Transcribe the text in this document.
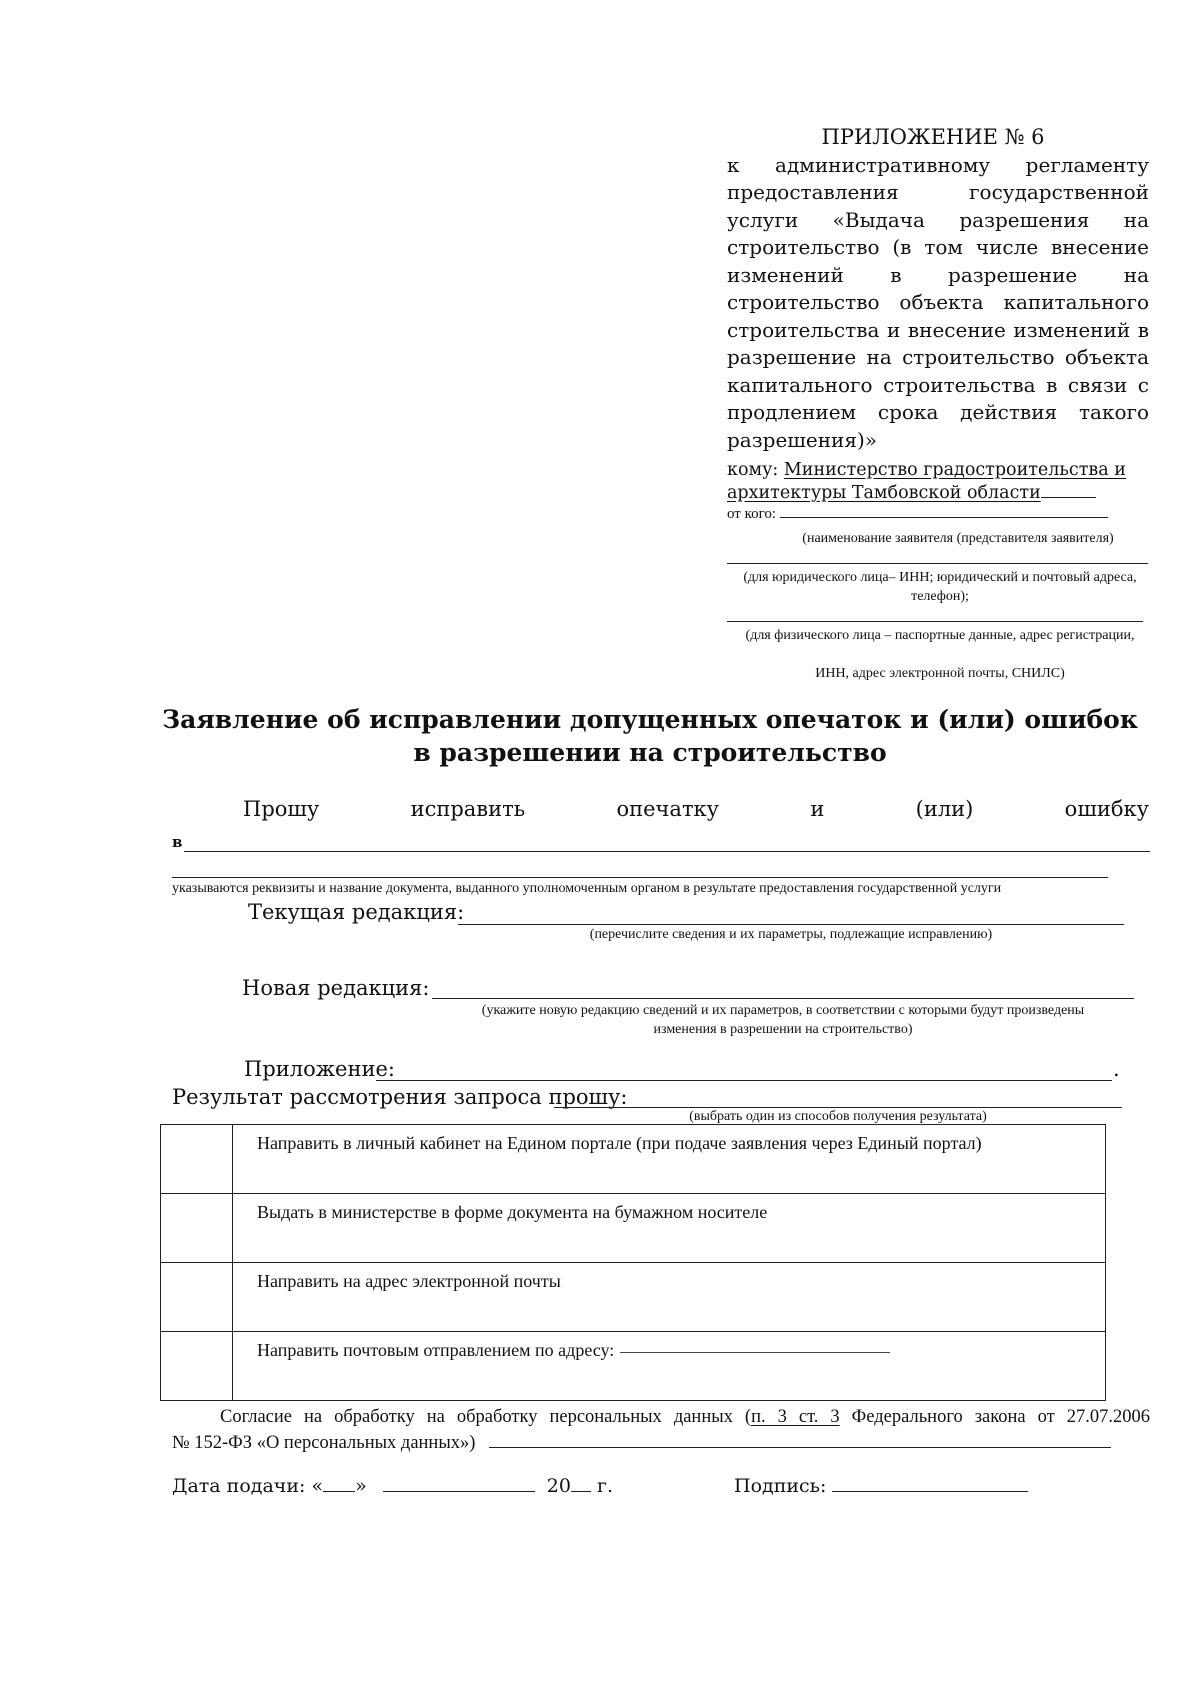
ПРИЛОЖЕНИЕ № 6
к административному регламенту предоставления государственной услуги «Выдача разрешения на строительство (в том числе внесение изменений в разрешение на строительство объекта капитального строительства и внесение изменений в разрешение на строительство объекта капитального строительства в связи с продлением срока действия такого разрешения)»
кому: Министерство градостроительства и
архитектуры Тамбовской области
от кого:
(наименование заявителя (представителя заявителя)
(для юридического лица– ИНН; юридический и почтовый адреса, телефон);
(для физического лица – паспортные данные, адрес регистрации,
ИНН, адрес электронной почты, СНИЛС)
Заявление об исправлении допущенных опечаток и (или) ошибок
в разрешении на строительство
Прошу	исправить	опечатку	и	(или)	ошибку
в
указываются реквизиты и название документа, выданного уполномоченным органом в результате предоставления государственной услуги
Текущая редакция:
(перечислите сведения и их параметры, подлежащие исправлению)
Новая редакция:
(укажите новую редакцию сведений и их параметров, в соответствии с которыми будут произведены
изменения в разрешении на строительство)
Приложение:	.
Результат рассмотрения запроса прошу:
(выбрать один из способов получения результата)
	Направить в личный кабинет на Едином портале (при подаче заявления через Единый портал)
	Выдать в министерстве в форме документа на бумажном носителе
	Направить на адрес электронной почты
	Направить почтовым отправлением по адресу:
Согласие на обработку на обработку персональных данных (п. 3 ст. 3 Федерального закона от 27.07.2006
№ 152-ФЗ «О персональных данных»)
Дата подачи: « »	20 г.	Подпись:
